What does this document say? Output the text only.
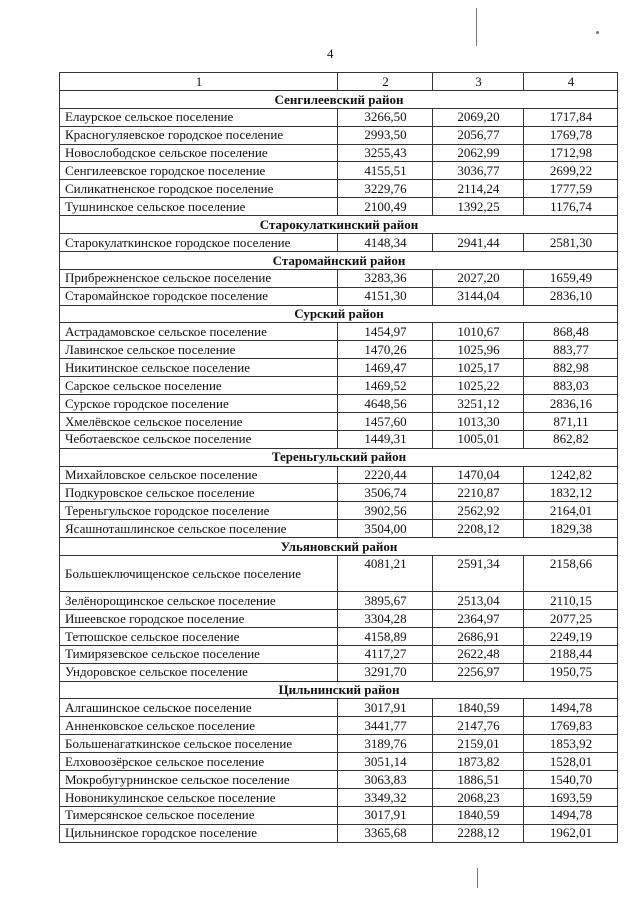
4
1	2	3	4
Сенгилеевский район			
Елаурское сельское поселение	3266,50	2069,20	1717,84
Красногуляевское городское поселение	2993,50	2056,77	1769,78
Новослободское сельское поселение	3255,43	2062,99	1712,98
Сенгилеевское городское поселение	4155,51	3036,77	2699,22
Силикатненское городское поселение	3229,76	2114,24	1777,59
Тушнинское сельское поселение	2100,49	1392,25	1176,74
Старокулаткинский район			
Старокулаткинское городское поселение	4148,34	2941,44	2581,30
Старомайнский район			
Прибрежненское сельское поселение	3283,36	2027,20	1659,49
Старомайнское городское поселение	4151,30	3144,04	2836,10
Сурский район			
Астрадамовское сельское поселение	1454,97	1010,67	868,48
Лавинское сельское поселение	1470,26	1025,96	883,77
Никитинское сельское поселение	1469,47	1025,17	882,98
Сарское сельское поселение	1469,52	1025,22	883,03
Сурское городское поселение	4648,56	3251,12	2836,16
Хмелёвское сельское поселение	1457,60	1013,30	871,11
Чеботаевское сельское поселение	1449,31	1005,01	862,82
Тереньгульский район			
Михайловское сельское поселение	2220,44	1470,04	1242,82
Подкуровское сельское поселение	3506,74	2210,87	1832,12
Тереньгульское городское поселение	3902,56	2562,92	2164,01
Ясашноташлинское сельское поселение	3504,00	2208,12	1829,38
Ульяновский район			
Большеключищенское сельское поселение	4081,21	2591,34	2158,66
Зелёнорощинское сельское поселение	3895,67	2513,04	2110,15
Ишеевское городское поселение	3304,28	2364,97	2077,25
Тетюшское сельское поселение	4158,89	2686,91	2249,19
Тимирязевское сельское поселение	4117,27	2622,48	2188,44
Ундоровское сельское поселение	3291,70	2256,97	1950,75
Цильнинский район			
Алгашинское сельское поселение	3017,91	1840,59	1494,78
Анненковское сельское поселение	3441,77	2147,76	1769,83
Большенагаткинское сельское поселение	3189,76	2159,01	1853,92
Елховоозёрское сельское поселение	3051,14	1873,82	1528,01
Мокробугурнинское сельское поселение	3063,83	1886,51	1540,70
Новоникулинское сельское поселение	3349,32	2068,23	1693,59
Тимерсянское сельское поселение	3017,91	1840,59	1494,78
Цильнинское городское поселение	3365,68	2288,12	1962,01
